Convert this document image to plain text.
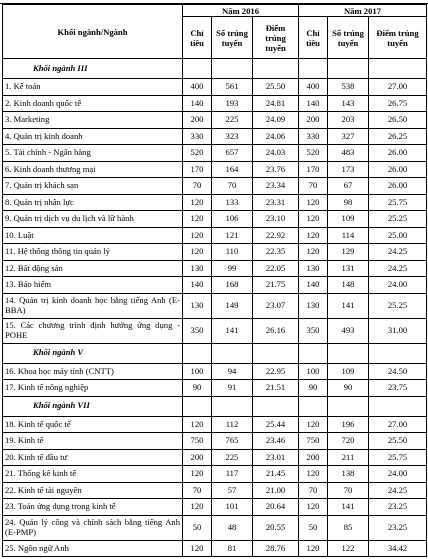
Khối ngành/Ngành	Năm 2016			Năm 2017		
	Chỉ tiêu	Số trúng tuyển	Điểm trúng tuyển	Chỉ tiêu	Số trúng tuyển	Điểm trúng tuyển
Khối ngành III						
1. Kế toán	400	561	25.50	400	538	27.00
2. Kinh doanh quốc tế	140	193	24.81	140	143	26.75
3. Marketing	200	225	24.09	200	203	26.50
4. Quản trị kinh doanh	330	323	24.06	330	327	26.25
5. Tài chính - Ngân hàng	520	657	24.03	520	483	26.00
6. Kinh doanh thương mại	170	164	23.76	170	173	26.00
7. Quản trị khách sạn	70	70	23.34	70	67	26.00
8. Quản trị nhân lực	120	133	23.31	120	98	25.75
9. Quản trị dịch vụ du lịch và lữ hành	120	106	23.10	120	109	25.25
10. Luật	120	121	22.92	120	114	25.00
11. Hệ thống thông tin quản lý	120	110	22.35	120	129	24.25
12. Bất động sản	130	99	22.05	130	131	24.25
13. Bảo hiểm	140	168	21.75	140	148	24.00
14. Quản trị kinh doanh học bằng tiếng Anh (E-BBA)	130	149	23.07	130	141	25.25
15. Các chương trình định hướng ứng dụng - POHE	350	141	26.16	350	493	31.00
Khối ngành V						
16. Khoa học máy tính (CNTT)	100	94	22.95	100	109	24.50
17. Kinh tế nông nghiệp	90	91	21.51	90	90	23.75
Khối ngành VII						
18. Kinh tế quốc tế	120	112	25.44	120	196	27.00
19. Kinh tế	750	765	23.46	750	720	25.50
20. Kinh tế đầu tư	200	225	23.01	200	211	25.75
21. Thống kê kinh tế	120	117	21.45	120	138	24.00
22. Kinh tế tài nguyên	70	57	21.00	70	70	24.25
23. Toán ứng dụng trong kinh tế	120	101	20.64	120	141	23.25
24. Quản lý công và chính sách bằng tiếng Anh (E-PMP)	50	48	20.55	50	85	23.25
25. Ngôn ngữ Anh	120	81	28.76	120	122	34.42
